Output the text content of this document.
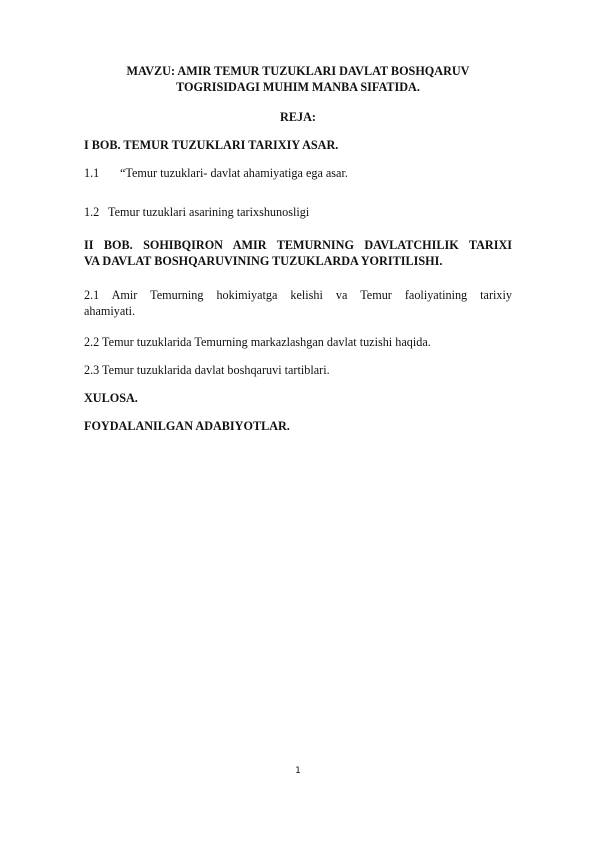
MAVZU: AMIR TEMUR TUZUKLARI DAVLAT BOSHQARUV
TOGRISIDAGI MUHIM MANBA SIFATIDA.
REJA:
I BOB. TEMUR TUZUKLARI TARIXIY ASAR.
1.1 “Temur tuzuklari- davlat ahamiyatiga ega asar.
1.2 Temur tuzuklari asarining tarixshunosligi
II BOB. SOHIBQIRON AMIR TEMURNING DAVLATCHILIK TARIXI
VA DAVLAT BOSHQARUVINING TUZUKLARDA YORITILISHI.
2.1 Amir Temurning hokimiyatga kelishi va Temur faoliyatining tarixiy
ahamiyati.
2.2 Temur tuzuklarida Temurning markazlashgan davlat tuzishi haqida.
2.3 Temur tuzuklarida davlat boshqaruvi tartiblari.
XULOSA.
FOYDALANILGAN ADABIYOTLAR.
1
